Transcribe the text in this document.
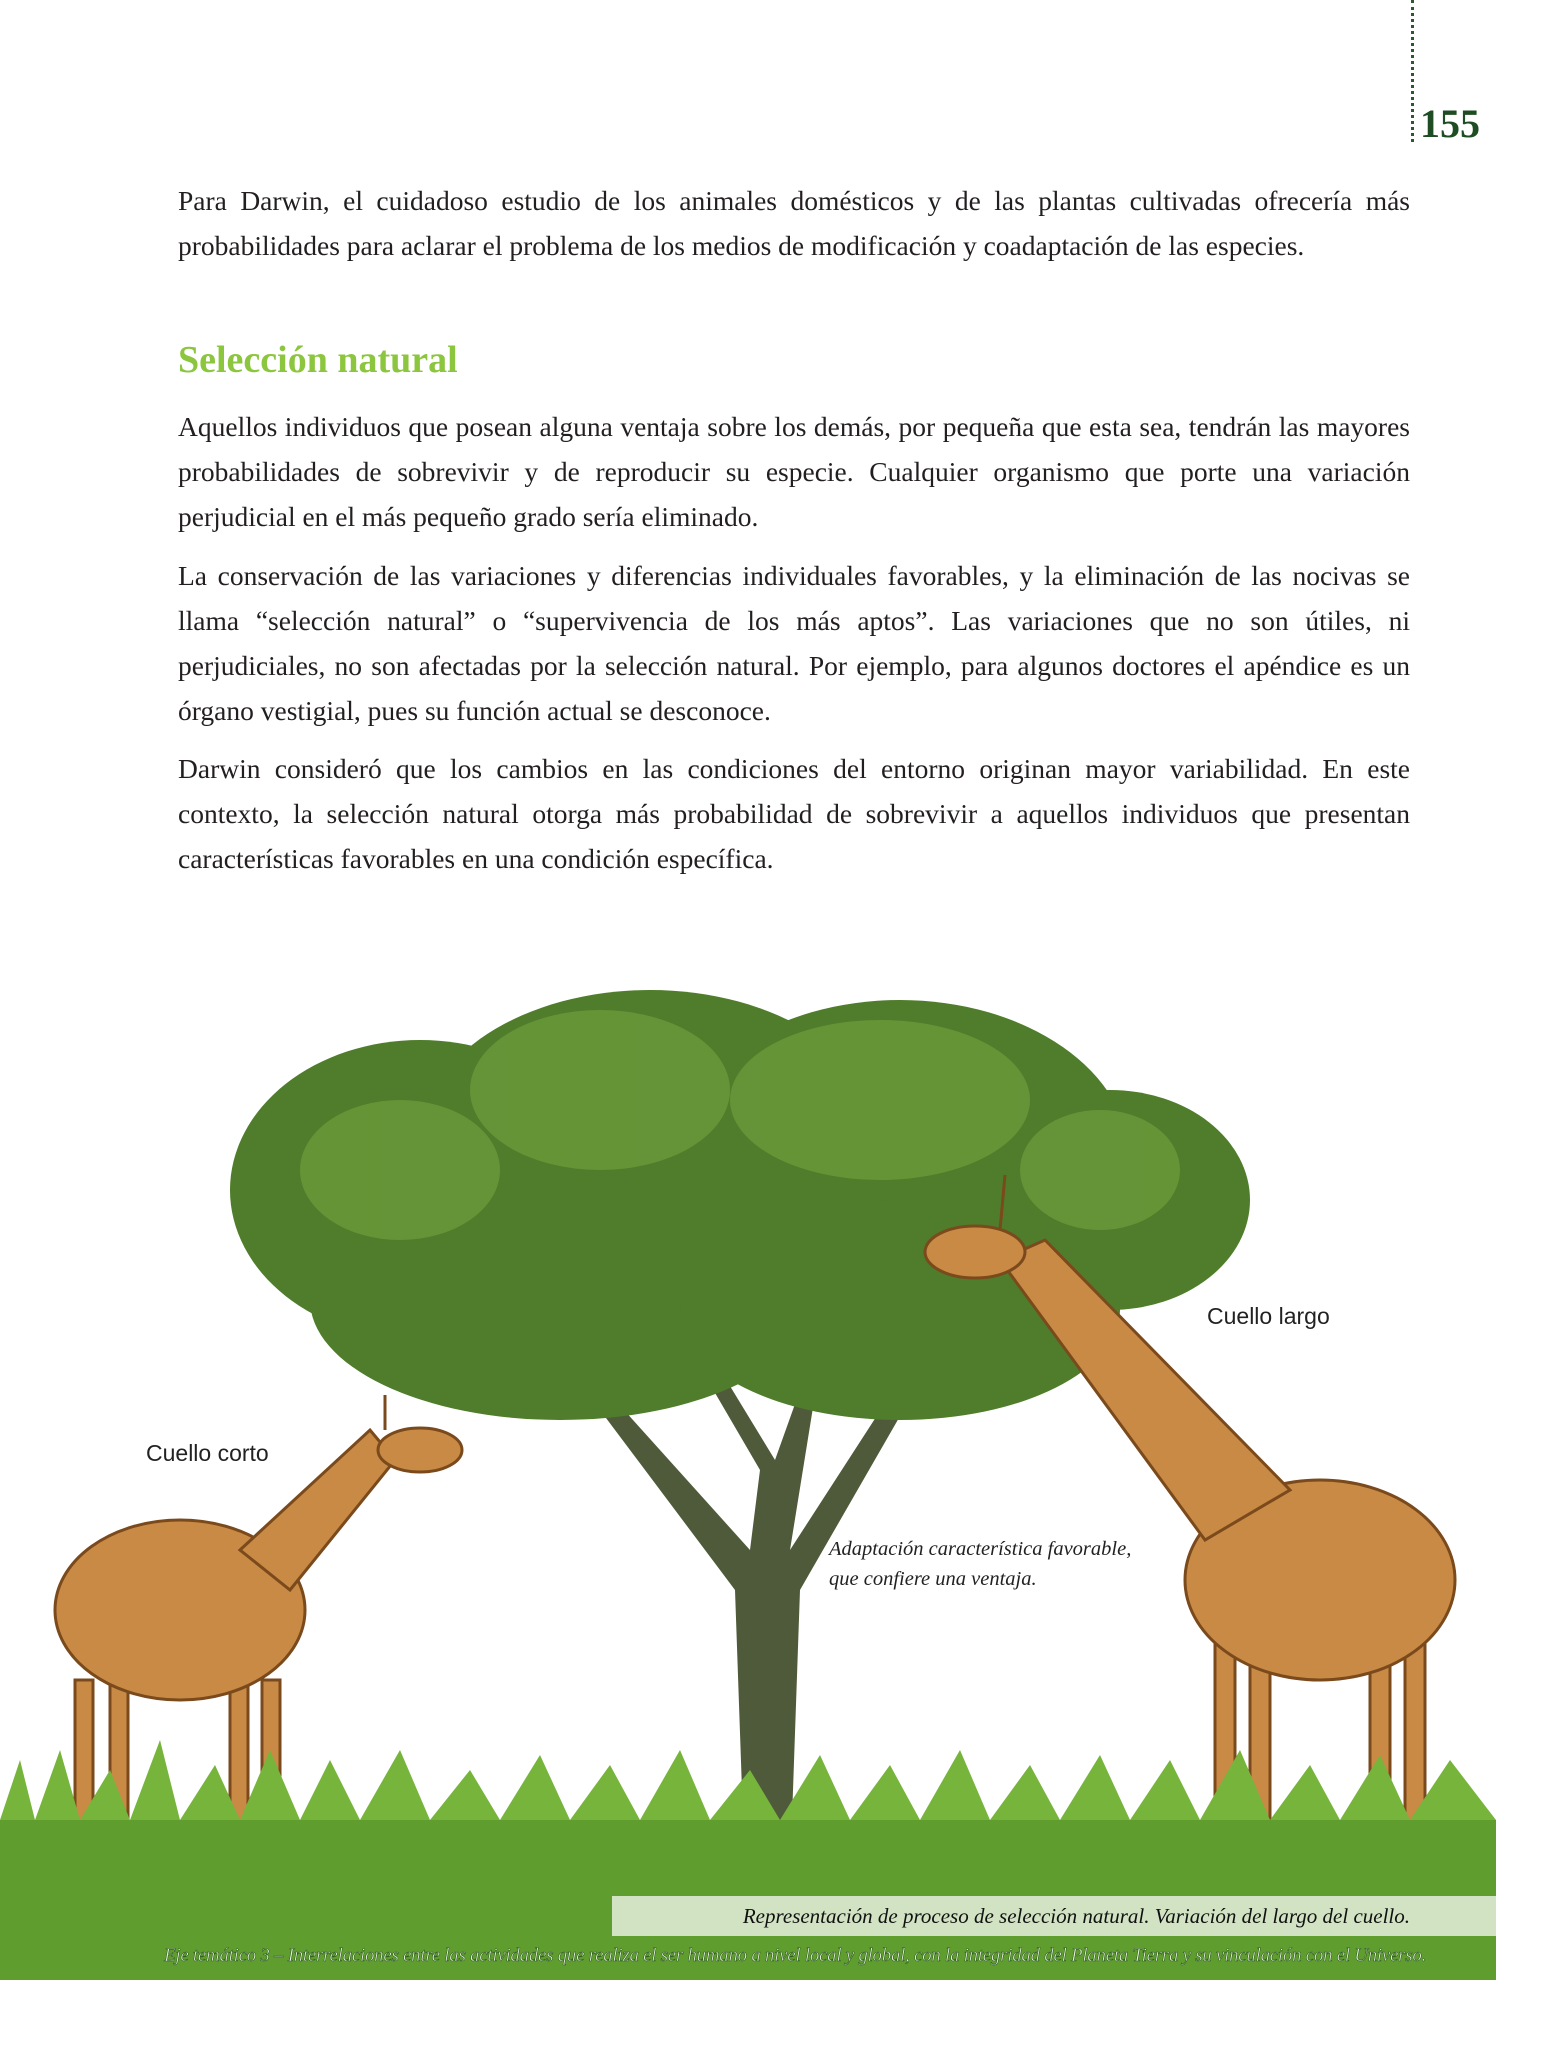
155

Para Darwin, el cuidadoso estudio de los animales domésticos y de las plantas cultivadas ofrecería más probabilidades para aclarar el problema de los medios de modificación y coadaptación de las especies.

Selección natural

Aquellos individuos que posean alguna ventaja sobre los demás, por pequeña que esta sea, tendrán las mayores probabilidades de sobrevivir y de reproducir su especie. Cualquier organismo que porte una variación perjudicial en el más pequeño grado sería eliminado.

La conservación de las variaciones y diferencias individuales favorables, y la eliminación de las nocivas se llama “selección natural” o “supervivencia de los más aptos”. Las variaciones que no son útiles, ni perjudiciales, no son afectadas por la selección natural. Por ejemplo, para algunos doctores el apéndice es un órgano vestigial, pues su función actual se desconoce.

Darwin consideró que los cambios en las condiciones del entorno originan mayor variabilidad. En este contexto, la selección natural otorga más probabilidad de sobrevivir a aquellos individuos que presentan características favorables en una condición específica.

Cuello corto
Cuello largo
Adaptación característica favorable,
que confiere una ventaja.
Representación de proceso de selección natural. Variación del largo del cuello.
Eje temático 3 – Interrelaciones entre las actividades que realiza el ser humano a nivel local y global, con la integridad del Planeta Tierra y su vinculación con el Universo.
